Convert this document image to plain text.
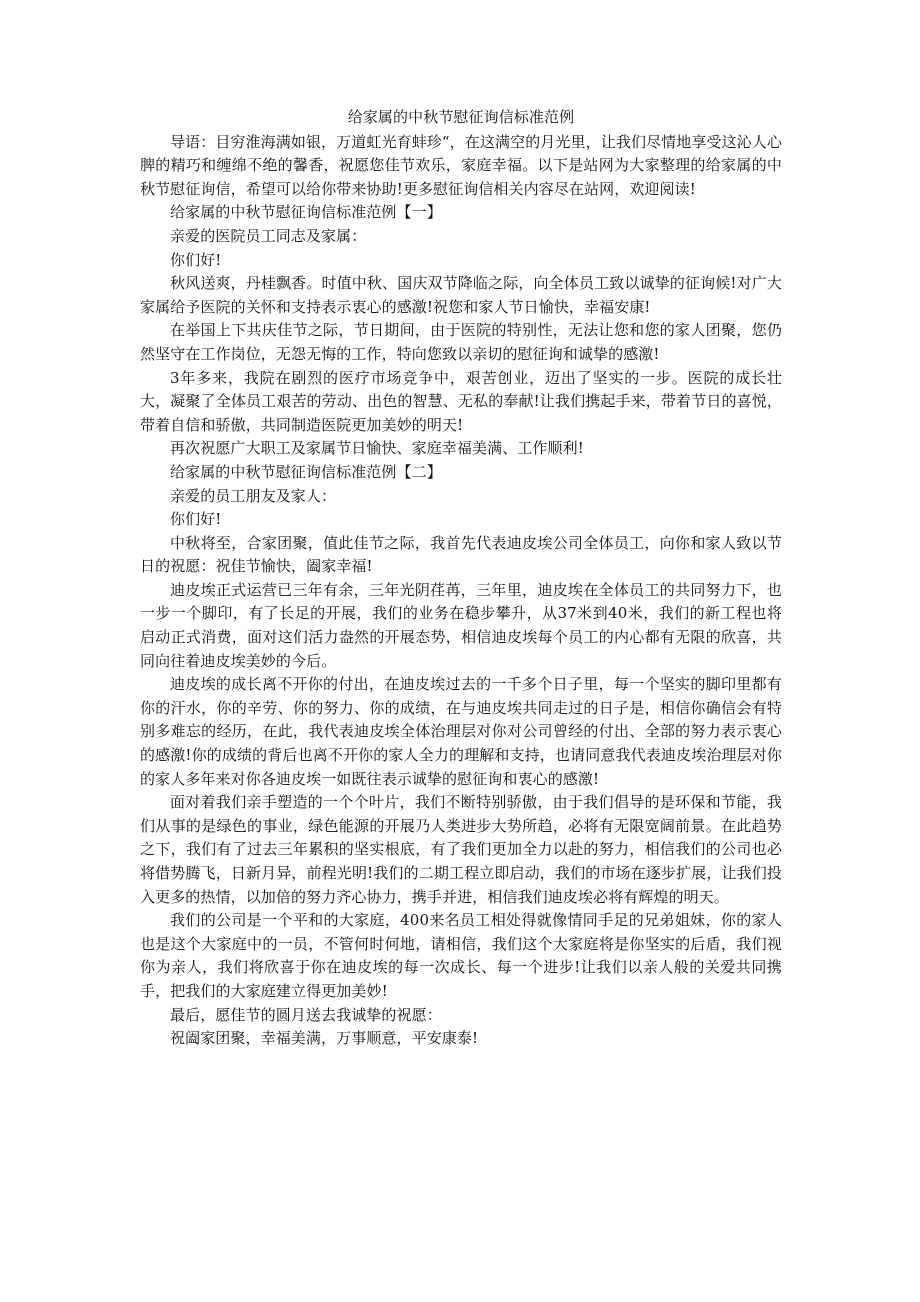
给家属的中秋节慰征询信标准范例

导语：目穷淮海满如银，万道虹光育蚌珍“，在这满空的月光里，让我们尽情地享受这沁人心脾的精巧和缠绵不绝的馨香，祝愿您佳节欢乐，家庭幸福。以下是站网为大家整理的给家属的中秋节慰征询信，希望可以给你带来协助!更多慰征询信相关内容尽在站网，欢迎阅读!

给家属的中秋节慰征询信标准范例【一】

亲爱的医院员工同志及家属：

你们好!

秋风送爽，丹桂飘香。时值中秋、国庆双节降临之际，向全体员工致以诚挚的征询候!对广大家属给予医院的关怀和支持表示衷心的感激!祝您和家人节日愉快，幸福安康!

在举国上下共庆佳节之际，节日期间，由于医院的特别性，无法让您和您的家人团聚，您仍然坚守在工作岗位，无怨无悔的工作，特向您致以亲切的慰征询和诚挚的感激!

3年多来，我院在剧烈的医疗市场竞争中，艰苦创业，迈出了坚实的一步。医院的成长壮大，凝聚了全体员工艰苦的劳动、出色的智慧、无私的奉献!让我们携起手来，带着节日的喜悦，带着自信和骄傲，共同制造医院更加美妙的明天!

再次祝愿广大职工及家属节日愉快、家庭幸福美满、工作顺利!

给家属的中秋节慰征询信标准范例【二】

亲爱的员工朋友及家人：

你们好!

中秋将至，合家团聚，值此佳节之际，我首先代表迪皮埃公司全体员工，向你和家人致以节日的祝愿：祝佳节愉快，阖家幸福!

迪皮埃正式运营已三年有余，三年光阴荏苒，三年里，迪皮埃在全体员工的共同努力下，也一步一个脚印，有了长足的开展，我们的业务在稳步攀升，从37米到40米，我们的新工程也将启动正式消费，面对这们活力盎然的开展态势，相信迪皮埃每个员工的内心都有无限的欣喜，共同向往着迪皮埃美妙的今后。

迪皮埃的成长离不开你的付出，在迪皮埃过去的一千多个日子里，每一个坚实的脚印里都有你的汗水，你的辛劳、你的努力、你的成绩，在与迪皮埃共同走过的日子是，相信你确信会有特别多难忘的经历，在此，我代表迪皮埃全体治理层对你对公司曾经的付出、全部的努力表示衷心的感激!你的成绩的背后也离不开你的家人全力的理解和支持，也请同意我代表迪皮埃治理层对你的家人多年来对你各迪皮埃一如既往表示诚挚的慰征询和衷心的感激!

面对着我们亲手塑造的一个个叶片，我们不断特别骄傲，由于我们倡导的是环保和节能，我们从事的是绿色的事业，绿色能源的开展乃人类进步大势所趋，必将有无限宽阔前景。在此趋势之下，我们有了过去三年累积的坚实根底，有了我们更加全力以赴的努力，相信我们的公司也必将借势腾飞，日新月异，前程光明!我们的二期工程立即启动，我们的市场在逐步扩展，让我们投入更多的热情，以加倍的努力齐心协力，携手并进，相信我们迪皮埃必将有辉煌的明天。

我们的公司是一个平和的大家庭，400来名员工相处得就像情同手足的兄弟姐妹，你的家人也是这个大家庭中的一员，不管何时何地，请相信，我们这个大家庭将是你坚实的后盾，我们视你为亲人，我们将欣喜于你在迪皮埃的每一次成长、每一个进步!让我们以亲人般的关爱共同携手，把我们的大家庭建立得更加美妙!

最后，愿佳节的圆月送去我诚挚的祝愿：

祝阖家团聚，幸福美满，万事顺意，平安康泰!
